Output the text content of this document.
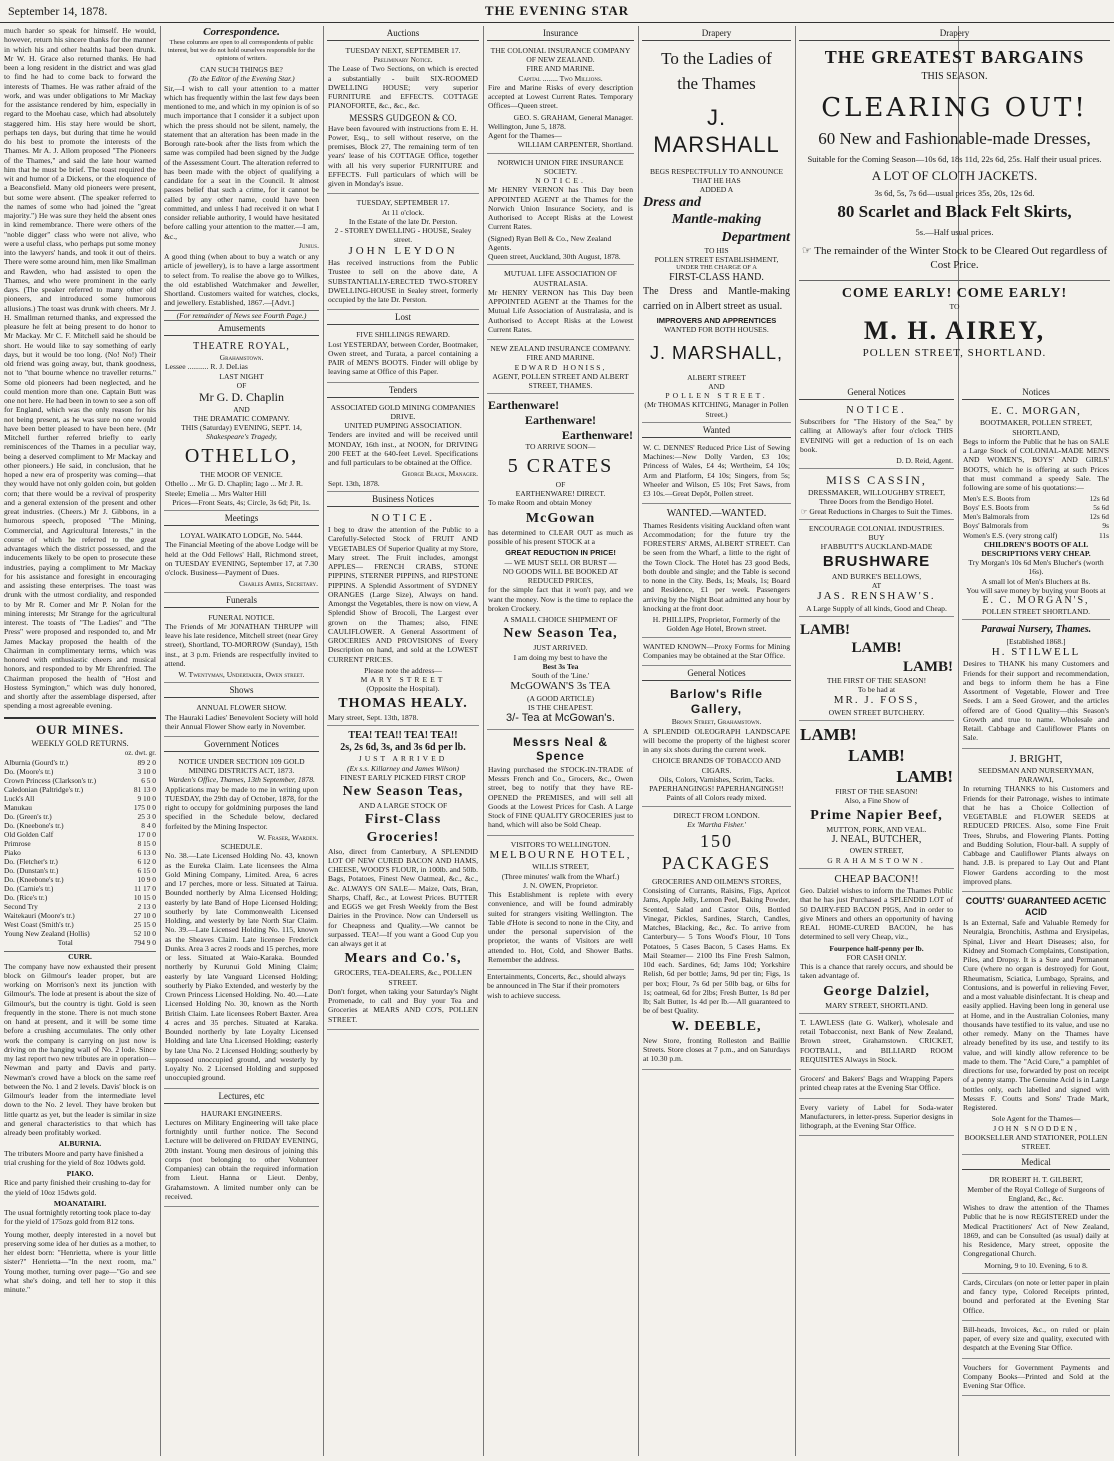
September 14, 1878.	THE EVENING STAR

much harder so speak for himself. He would, however, return his sincere thanks for the manner in which his and other healths had been drunk. Mr W. H. Grace also returned thanks. He had been a long resident in the district and was glad to find he had to come back to forward the interests of Thames. He was rather afraid of the work, and was under obligations to Mr Mackay for the assistance rendered by him, especially in regard to the Moehau case, which had absolutely staggered him. His stay here would be short, perhaps ten days, but during that time he would do his best to promote the interests of the Thames. Mr A. J. Allom proposed "The Pioneers of the Thames," and said the late hour warned him that he must be brief. The toast required the wit and humor of a Dickens, or the eloquence of a Beaconsfield. Many old pioneers were present, but some were absent. (The speaker referred to the names of some who had joined the "great majority.") He was sure they held the absent ones in kind remembrance. There were others of the "noble digger" class who were not alive, who were a useful class, who perhaps put some money into the lawyers' hands, and took it out of theirs. There were some around him, men like Smallman and Rawden, who had assisted to open the Thames, and who were prominent in the early days. (The speaker referred to many other old pioneers, and introduced some humorous allusions.) The toast was drunk with cheers. Mr J. H. Smallman returned thanks, and expressed the pleasure he felt at being present to do honor to Mr Mackay. Mr C. F. Mitchell said he should be short. He would like to say something of early days, but it would be too long. (No! No!) Their old friend was going away, but, thank goodness, not to "that bourne whence no traveller returns." Some old pioneers had been neglected, and he could mention more than one. Captain Butt was one not here. He had been in town to see a son off for England, which was the only reason for his not being present, as he was sure no one would have been better pleased to have been here. (Mr Mitchell further referred briefly to early reminiscences of the Thames in a peculiar way, being a deserved compliment to Mr Mackay and other pioneers.) He said, in conclusion, that he hoped a new era of prosperity was coming—that they would have not only golden coin, but golden corn; that there would be a revival of prosperity and a general extension of the present and other great industries. (Cheers.) Mr J. Gibbons, in a humorous speech, proposed "The Mining, Commercial, and Agricultural Interests," in the course of which he referred to the great advantages which the district possessed, and the inducements likely to be open to prosecute these industries, paying a compliment to Mr Mackay for his assistance and foresight in encouraging and assisting these enterprises. The toast was drunk with the utmost cordiality, and responded to by Mr R. Comer and Mr P. Nolan for the mining interests; Mr Strange for the agricultural interest. The toasts of "The Ladies" and "The Press" were proposed and responded to, and Mr James Mackay proposed the health of the Chairman in complimentary terms, which was honored with enthusiastic cheers and musical honors, and responded to by Mr Ehrenfried. The Chairman proposed the health of "Host and Hostess Symington," which was duly honored, and shortly after the assemblage dispersed, after spending a most agreeable evening.

OUR MINES.
WEEKLY GOLD RETURNS.
oz. dwt. gr.
Alburnia (Gourd's tr.)	89 2 0
Do. (Moore's tr.)	3 10 0
Crown Princess (Clarkson's tr.)	6 5 0
Caledonian (Paltridge's tr.)	81 13 0
Luck's All	9 10 0
Manukau	175 0 0
Do. (Green's tr.)	25 3 0
Do. (Kneebone's tr.)	8 4 0
Old Golden Calf	17 0 0
Primrose	8 15 0
Piako	6 13 0
Do. (Fletcher's tr.)	6 12 0
Do. (Dunstan's tr.)	6 15 0
Do. (Kneebone's tr.)	10 9 0
Do. (Carnie's tr.)	11 17 0
Do. (Rice's tr.)	10 15 0
Second Try	2 13 0
Waitekauri (Moore's tr.)	27 10 0
West Coast (Smith's tr.)	25 15 0
Young New Zealand (Hollis)	52 10 0
Total	794 9 0
CURR.

The company have now exhausted their present block on Gilmour's leader proper, but are working on Morrison's next its junction with Gilmour's. The lode at present is about the size of Gilmour's, but the country is tight. Gold is seen frequently in the stone. There is not much stone on hand at present, and it will be some time before a crushing accumulates. The only other work the company is carrying on just now is driving on the hanging wall of No. 2 lode. Since my last report two new tributes are in operation—Newman and party and Davis and party. Newman's crowd have a block on the same reef between the No. 1 and 2 levels. Davis' block is on Gilmour's leader from the intermediate level down to the No. 2 level. They have broken but little quartz as yet, but the leader is similar in size and general characteristics to that which has already been profitably worked.

ALBURNIA.

The tributers Moore and party have finished a trial crushing for the yield of 8oz 10dwts gold.

PIAKO.

Rice and party finished their crushing to-day for the yield of 10oz 15dwts gold.

MOANATAIRI.

The usual fortnightly retorting took place to-day for the yield of 175ozs gold from 812 tons.

Young mother, deeply interested in a novel but preserving some idea of her duties as a mother, to her eldest born: "Henrietta, where is your little sister?" Henrietta—"In the next room, ma." Young mother, turning over page—"Go and see what she's doing, and tell her to stop it this minute."

Correspondence.

These columns are open to all correspondents of public interest, but we do not hold ourselves responsible for the opinions of writers.

CAN SUCH THINGS BE?
(To the Editor of the Evening Star.)

Sir,—I wish to call your attention to a matter which has frequently within the last few days been mentioned to me, and which in my opinion is of so much importance that I consider it a subject upon which the press should not be silent, namely, the statement that an alteration has been made in the Borough rate-book after the lists from which the same was compiled had been signed by the Judge of the Assessment Court. The alteration referred to has been made with the object of qualifying a candidate for a seat in the Council. It almost passes belief that such a crime, for it cannot be called by any other name, could have been committed, and unless I had received it on what I consider reliable authority, I would have hesitated before calling your attention to the matter.—I am, &c.,

Junius.

A good thing (when about to buy a watch or any article of jewellery), is to have a large assortment to select from. To realise the above go to Wilkes, the old established Watchmaker and Jeweller, Shortland. Customers waited for watches, clocks, and jewellery. Established, 1867.—[Advt.]

(For remainder of News see Fourth Page.)
Amusements
THEATRE ROYAL,
Grahamstown.
Lessee ........... R. J. DeLias
LAST NIGHT
OF
Mr G. D. Chaplin
AND
THE DRAMATIC COMPANY.
THIS (Saturday) EVENING, SEPT. 14,
Shakespeare's Tragedy,
OTHELLO,
THE MOOR OF VENICE.
Othello ... Mr G. D. Chaplin; Iago ... Mr J. R. Steele; Emelia ... Mrs Walter Hill
Prices—Front Seats, 4s; Circle, 3s 6d; Pit, 1s.
Meetings
LOYAL WAIKATO LODGE, No. 5444.

The Financial Meeting of the above Lodge will be held at the Odd Fellows' Hall, Richmond street, on TUESDAY EVENING, September 17, at 7.30 o'clock. Business—Payment of Dues.

Charles Amies, Secretary.
Funerals
FUNERAL NOTICE.

The Friends of Mr JONATHAN THRUPP will leave his late residence, Mitchell street (near Grey street), Shortland, TO-MORROW (Sunday), 15th inst., at 3 p.m. Friends are respectfully invited to attend.

W. Twentyman, Undertaker, Owen street.
Shows
ANNUAL FLOWER SHOW.

The Hauraki Ladies' Benevolent Society will hold their Annual Flower Show early in November.

Government Notices
NOTICE UNDER SECTION 109 GOLD MINING DISTRICTS ACT, 1873.
Warden's Office, Thames, 13th September, 1878.

Applications may be made to me in writing upon TUESDAY, the 29th day of October, 1878, for the right to occupy for goldmining purposes the land specified in the Schedule below, declared forfeited by the Mining Inspector.

W. Fraser, Warden.
SCHEDULE.

No. 38.—Late Licensed Holding No. 43, known as the Eureka Claim. Late licensees the Alma Gold Mining Company, Limited. Area, 6 acres and 17 perches, more or less. Situated at Tairua. Bounded northerly by Alma Licensed Holding; easterly by late Band of Hope Licensed Holding; southerly by late Commonwealth Licensed Holding, and westerly by late North Star Claim. No. 39.—Late Licensed Holding No. 115, known as the Sheaves Claim. Late licensee Frederick Dunks. Area 3 acres 2 roods and 15 perches, more or less. Situated at Waio-Karaka. Bounded northerly by Kurunui Gold Mining Claim; easterly by late Vanguard Licensed Holding; southerly by Piako Extended, and westerly by the Crown Princess Licensed Holding. No. 40.—Late Licensed Holding No. 30, known as the North British Claim. Late licensees Robert Baxter. Area 4 acres and 35 perches. Situated at Karaka. Bounded northerly by late Loyalty Licensed Holding and late Una Licensed Holding; easterly by late Una No. 2 Licensed Holding; southerly by supposed unoccupied ground, and westerly by Loyalty No. 2 Licensed Holding and supposed unoccupied ground.

Lectures, etc
HAURAKI ENGINEERS.

Lectures on Military Engineering will take place fortnightly until further notice. The Second Lecture will be delivered on FRIDAY EVENING, 20th instant. Young men desirous of joining this corps (not belonging to other Volunteer Companies) can obtain the required information from Lieut. Hanna or Lieut. Denby, Grahamstown. A limited number only can be received.

Auctions
TUESDAY NEXT, SEPTEMBER 17.
Preliminary Notice.

The Lease of Two Sections, on which is erected a substantially - built SIX-ROOMED DWELLING HOUSE; very superior FURNITURE and EFFECTS. COTTAGE PIANOFORTE, &c., &c., &c.

MESSRS GUDGEON & CO.

Have been favoured with instructions from E. H. Power, Esq., to sell without reserve, on the premises, Block 27, The remaining term of ten years' lease of his COTTAGE Office, together with all his very superior FURNITURE and EFFECTS. Full particulars of which will be given in Monday's issue.

TUESDAY, SEPTEMBER 17.
At 11 o'clock.
In the Estate of the late Dr. Perston.
2 - STOREY DWELLING - HOUSE, Sealey street.
JOHN LEYDON

Has received instructions from the Public Trustee to sell on the above date, A SUBSTANTIALLY-ERECTED TWO-STOREY DWELLING-HOUSE in Sealey street, formerly occupied by the late Dr. Perston.

Lost
FIVE SHILLINGS REWARD.

Lost YESTERDAY, between Corder, Bootmaker, Owen street, and Turata, a parcel containing a PAIR of MEN'S BOOTS. Finder will oblige by leaving same at Office of this Paper.

Tenders
ASSOCIATED GOLD MINING COMPANIES DRIVE.
UNITED PUMPING ASSOCIATION.

Tenders are invited and will be received until MONDAY, 16th inst., at NOON, for DRIVING 200 FEET at the 640-feet Level. Specifications and full particulars to be obtained at the Office.

George Black, Manager.
Sept. 13th, 1878.
Business Notices
NOTICE.

I beg to draw the attention of the Public to a Carefully-Selected Stock of FRUIT AND VEGETABLES Of Superior Quality at my Store, Mary street. The Fruit includes, amongst APPLES— FRENCH CRABS, STONE PIPPINS, STERNER PIPPINS, and RIPSTONE PIPPINS. A Splendid Assortment of SYDNEY ORANGES (Large Size), Always on hand. Amongst the Vegetables, there is now on view, A Splendid Show of Brocoli, The Largest ever grown on the Thames; also, FINE CAULIFLOWER. A General Assortment of GROCERIES AND PROVISIONS of Every Description on hand, and sold at the LOWEST CURRENT PRICES.

Please note the address—
MARY STREET
(Opposite the Hospital).
THOMAS HEALY.
Mary street, Sept. 13th, 1878.
TEA! TEA!! TEA! TEA!!
2s, 2s 6d, 3s, and 3s 6d per lb.
JUST ARRIVED
(Ex s.s. Killarney and James Wilson)
FINEST EARLY PICKED FIRST CROP
New Season Teas,
AND A LARGE STOCK OF
First-Class Groceries!

Also, direct from Canterbury, A SPLENDID LOT OF NEW CURED BACON AND HAMS, CHEESE, WOOD'S FLOUR, in 100lb. and 50lb. Bags, Potatoes, Finest New Oatmeal, &c., &c., &c. ALWAYS ON SALE— Maize, Oats, Bran, Sharps, Chaff, &c., at Lowest Prices. BUTTER and EGGS we get Fresh Weekly from the Best Dairies in the Province. Now can Undersell us for Cheapness and Quality.—We cannot be surpassed. TEA!—If you want a Good Cup you can always get it at

Mears and Co.'s,
GROCERS, TEA-DEALERS, &c., POLLEN STREET.

Don't forget, when taking your Saturday's Night Promenade, to call and Buy your Tea and Groceries at MEARS AND CO'S, POLLEN STREET.

Insurance
THE COLONIAL INSURANCE COMPANY OF NEW ZEALAND.
FIRE AND MARINE.
Capital ........ Two Millions.

Fire and Marine Risks of every description accepted at Lowest Current Rates. Temporary Offices—Queen street.

GEO. S. GRAHAM, General Manager.
Wellington, June 5, 1878.
Agent for the Thames—
WILLIAM CARPENTER, Shortland.
NORWICH UNION FIRE INSURANCE SOCIETY.
NOTICE.

Mr HENRY VERNON has This Day been APPOINTED AGENT at the Thames for the Norwich Union Insurance Society, and is Authorised to Accept Risks at the Lowest Current Rates.

(Signed) Ryan Bell & Co., New Zealand Agents.
Queen street, Auckland, 30th August, 1878.
MUTUAL LIFE ASSOCIATION OF AUSTRALASIA.

Mr HENRY VERNON has This Day been APPOINTED AGENT at the Thames for the Mutual Life Association of Australasia, and is Authorised to Accept Risks at the Lowest Current Rates.

NEW ZEALAND INSURANCE COMPANY.
FIRE AND MARINE.
EDWARD HONISS,
AGENT, POLLEN STREET AND ALBERT STREET, THAMES.
Earthenware!
Earthenware!
Earthenware!
TO ARRIVE SOON—
5 CRATES
OF
EARTHENWARE! DIRECT.

To make Room and obtain Money

McGowan

has determined to CLEAR OUT as much as possible of his present STOCK at a

GREAT REDUCTION IN PRICE!
— WE MUST SELL OR BURST —
NO GOODS WILL BE BOOKED AT REDUCED PRICES,

for the simple fact that it won't pay, and we want the money. Now is the time to replace the broken Crockery.

A SMALL CHOICE SHIPMENT OF
New Season Tea,
JUST ARRIVED.
I am doing my best to have the
Best 3s Tea
South of the 'Line.'
McGOWAN'S 3s TEA
(A GOOD ARTICLE)
IS THE CHEAPEST.
3/- Tea at McGowan's.
Messrs Neal & Spence

Having purchased the STOCK-IN-TRADE of Messrs French and Co., Grocers, &c., Owen street, beg to notify that they have RE-OPENED the PREMISES, and will sell all Goods at the Lowest Prices for Cash. A Large Stock of FINE QUALITY GROCERIES just to hand, which will also be Sold Cheap.

VISITORS TO WELLINGTON.
MELBOURNE HOTEL,
WILLIS STREET,
(Three minutes' walk from the Wharf.)
J. N. OWEN, Proprietor.

This Establishment is replete with every convenience, and will be found admirably suited for strangers visiting Wellington. The Table d'Hote is second to none in the City, and under the personal supervision of the proprietor, the wants of Visitors are well attended to. Hot, Cold, and Shower Baths. Remember the address.

Entertainments, Concerts, &c., should always be announced in The Star if their promoters wish to achieve success.

Drapery
To the Ladies of
the Thames
J. MARSHALL
BEGS RESPECTFULLY TO ANNOUNCE THAT HE HAS
ADDED A
Dress and
Mantle-making
Department
TO HIS
POLLEN STREET ESTABLISHMENT,
UNDER THE CHARGE OF A
FIRST-CLASS HAND.

The Dress and Mantle-making carried on in Albert street as usual.

IMPROVERS AND APPRENTICES
WANTED FOR BOTH HOUSES.
J. MARSHALL,
ALBERT STREET
AND
POLLEN STREET.
(Mr THOMAS KITCHING, Manager in Pollen Street.)
Wanted

W. C. DENNES' Reduced Price List of Sewing Machines:—New Dolly Varden, £3 10s; Princess of Wales, £4 4s; Wertheim, £4 10s; Arm and Platform, £4 10s; Singers, from 5s; Wheeler and Wilson, £5 10s; Fret Saws, from £3 10s.—Great Depôt, Pollen street.

WANTED.—WANTED.

Thames Residents visiting Auckland often want Accommodation; for the future try the FORESTERS' ARMS, ALBERT STREET. Can be seen from the Wharf, a little to the right of the Town Clock. The Hotel has 23 good Beds, both double and single; and the Table is second to none in the City. Beds, 1s; Meals, 1s; Board and Residence, £1 per week. Passengers arriving by the Night Boat admitted any hour by knocking at the front door.

H. PHILLIPS, Proprietor, Formerly of the Golden Age Hotel, Brown street.

WANTED KNOWN—Proxy Forms for Mining Companies may be obtained at the Star Office.

General Notices
Barlow's Rifle Gallery,
Brown Street, Grahamstown.

A SPLENDID OLEOGRAPH LANDSCAPE will become the property of the highest scorer in any six shots during the current week.

CHOICE BRANDS OF TOBACCO AND CIGARS.
Oils, Colors, Varnishes, Scrim, Tacks.
PAPERHANGINGS! PAPERHANGINGS!!
Paints of all Colors ready mixed.
DIRECT FROM LONDON.
Ex 'Martha Fisher.'
150 PACKAGES
GROCERIES AND OILMEN'S STORES,

Consisting of Currants, Raisins, Figs, Apricot Jams, Apple Jelly, Lemon Peel, Baking Powder, Scented, Salad and Castor Oils, Bottled Vinegar, Pickles, Sardines, Starch, Candles, Matches, Blacking, &c., &c. To arrive from Canterbury— 5 Tons Wood's Flour, 10 Tons Potatoes, 5 Cases Bacon, 5 Cases Hams. Ex Mail Steamer— 2100 lbs Fine Fresh Salmon, 10d each. Sardines, 6d; Jams 10d; Yorkshire Relish, 6d per bottle; Jams, 9d per tin; Figs, 1s per box; Flour, 7s 6d per 50lb bag, or 6lbs for 1s; oatmeal, 6d for 2lbs; Fresh Butter, 1s 8d per lb; Salt Butter, 1s 4d per lb.—All guaranteed to be of best Quality.

W. DEEBLE,

New Store, fronting Rolleston and Baillie Streets. Store closes at 7 p.m., and on Saturdays at 10.30 p.m.

Drapery
THE GREATEST BARGAINS
THIS SEASON.
CLEARING OUT!
60 New and Fashionable-made Dresses,
Suitable for the Coming Season—10s 6d, 18s 11d, 22s 6d, 25s. Half their usual prices.
A LOT OF CLOTH JACKETS.
3s 6d, 5s, 7s 6d—usual prices 35s, 20s, 12s 6d.
80 Scarlet and Black Felt Skirts,
5s.—Half usual prices.
☞ The remainder of the Winter Stock to be Cleared Out regardless of Cost Price.
COME EARLY! COME EARLY!
TO
M. H. AIREY,
POLLEN STREET, SHORTLAND.
General Notices
NOTICE.

Subscribers for "The History of the Sea," by calling at Alloway's after four o'clock THIS EVENING will get a reduction of 1s on each book.

D. D. Reid, Agent.
MISS CASSIN,
DRESSMAKER, WILLOUGHBY STREET,
Three Doors from the Bendigo Hotel.
☞ Great Reductions in Charges to Suit the Times.
ENCOURAGE COLONIAL INDUSTRIES.
BUY
H'ABBUTT'S AUCKLAND-MADE
BRUSHWARE
AND BURKE'S BELLOWS,
AT
JAS. RENSHAW'S.
A Large Supply of all kinds, Good and Cheap.
LAMB!
LAMB!
LAMB!
THE FIRST OF THE SEASON!
To be had at
MR. J. FOSS,
OWEN STREET BUTCHERY.
LAMB!
LAMB!
LAMB!
FIRST OF THE SEASON!
Also, a Fine Show of
Prime Napier Beef,
MUTTON, PORK, AND VEAL.
J. NEAL, BUTCHER,
OWEN STREET,
GRAHAMSTOWN.
CHEAP BACON!!

Geo. Dalziel wishes to inform the Thames Public that he has just Purchased a SPLENDID LOT of 50 DAIRY-FED BACON PIGS, And in order to give Miners and others an opportunity of having REAL HOME-CURED BACON, he has determined to sell very Cheap, viz.,

Fourpence half-penny per lb.
FOR CASH ONLY.

This is a chance that rarely occurs, and should be taken advantage of.

George Dalziel,
MARY STREET, SHORTLAND.

T. LAWLESS (late G. Walker), wholesale and retail Tobacconist, next Bank of New Zealand, Brown street, Grahamstown. CRICKET, FOOTBALL, and BILLIARD ROOM REQUISITES Always in Stock.

Grocers' and Bakers' Bags and Wrapping Papers printed cheap rates at the Evening Star Office.

Every variety of Label for Soda-water Manufacturers, in letter-press. Superior designs in lithograph, at the Evening Star Office.

Notices
E. C. MORGAN,
BOOTMAKER, POLLEN STREET, SHORTLAND,

Begs to inform the Public that he has on SALE a Large Stock of COLONIAL-MADE MEN'S AND WOMEN'S, BOYS' AND GIRLS' BOOTS, which he is offering at such Prices that must command a speedy Sale. The following are some of his quotations:—

Men's E.S. Boots from	12s 6d
Boys' E.S. Boots from	5s 6d
Men's Balmorals from	12s 6d
Boys' Balmorals from	9s
Women's E.S. (very strong calf)	11s
CHILDREN'S BOOTS OF ALL DESCRIPTIONS VERY CHEAP.
Try Morgan's 10s 6d Men's Blucher's (worth 16s).
A small lot of Men's Bluchers at 8s.
You will save money by buying your Boots at
E. C. MORGAN'S,
POLLEN STREET SHORTLAND.
Parawai Nursery, Thames.
[Established 1868.]
H. STILWELL

Desires to THANK his many Customers and Friends for their support and recommendation, and begs to inform them he has a Fine Assortment of Vegetable, Flower and Tree Seeds. I am a Seed Grower, and the articles offered are of Good Quality—this Season's Growth and true to name. Wholesale and Retail. Cabbage and Cauliflower Plants on Sale.

J. BRIGHT,
SEEDSMAN AND NURSERYMAN, PARAWAI,

In returning THANKS to his Customers and Friends for their Patronage, wishes to intimate that he has a Choice Collection of VEGETABLE and FLOWER SEEDS at REDUCED PRICES. Also, some Fine Fruit Trees, Shrubs, and Flowering Plants. Potting and Budding Solution, Flour-ball. A supply of Cabbage and Cauliflower Plants always on hand. J.B. is prepared to Lay Out and Plant Flower Gardens according to the most improved plans.

COUTTS' GUARANTEED ACETIC ACID

Is an External, Safe and Valuable Remedy for Neuralgia, Bronchitis, Asthma and Erysipelas, Spinal, Liver and Heart Diseases; also, for Kidney and Stomach Complaints, Constipation, Piles, and Dropsy. It is a Sure and Permanent Cure (where no organ is destroyed) for Gout, Rheumatism, Sciatica, Lumbago, Sprains, and Contusions, and is powerful in relieving Fever, and a most valuable disinfectant. It is cheap and easily applied. Having been long in general use at Home, and in the Australian Colonies, many thousands have testified to its value, and use no other remedy. Many on the Thames have already benefited by its use, and testify to its value, and will kindly allow reference to be made to them. The "Acid Cure," a pamphlet of directions for use, forwarded by post on receipt of a penny stamp. The Genuine Acid is in Large bottles only, each labelled and signed with Messrs F. Coutts and Sons' Trade Mark, Registered.

Sole Agent for the Thames—
JOHN SNODDEN,
BOOKSELLER AND STATIONER, POLLEN STREET.
Medical
DR ROBERT H. T. GILBERT,
Member of the Royal College of Surgeons of England, &c., &c.

Wishes to draw the attention of the Thames Public that he is now REGISTERED under the Medical Practitioners' Act of New Zealand, 1869, and can be Consulted (as usual) daily at his Residence, Mary street, opposite the Congregational Church.

Morning, 9 to 10. Evening, 6 to 8.

Cards, Circulars (on note or letter paper in plain and fancy type, Colored Receipts printed, bound and perforated at the Evening Star Office.

Bill-heads, Invoices, &c., on ruled or plain paper, of every size and quality, executed with despatch at the Evening Star Office.

Vouchers for Government Payments and Company Books—Printed and Sold at the Evening Star Office.
